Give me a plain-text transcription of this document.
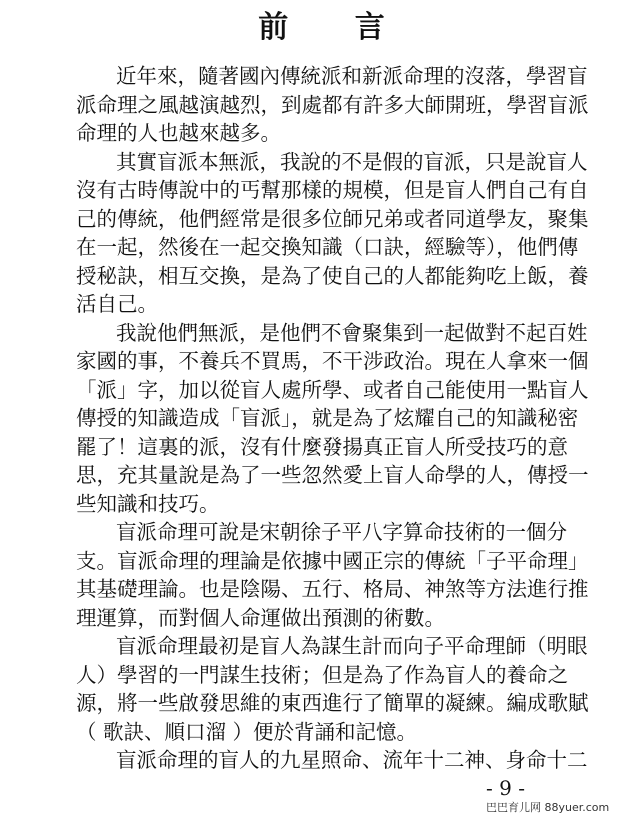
前 言
近年來，隨著國內傳統派和新派命理的沒落，學習盲
派命理之風越演越烈，到處都有許多大師開班，學習盲派
命理的人也越來越多。
其實盲派本無派，我說的不是假的盲派，只是說盲人
沒有古時傳說中的丐幫那樣的規模，但是盲人們自己有自
己的傳統，他們經常是很多位師兄弟或者同道學友，聚集
在一起，然後在一起交換知識（口訣，經驗等），他們傳
授秘訣，相互交換，是為了使自己的人都能夠吃上飯，養
活自己。
我說他們無派，是他們不會聚集到一起做對不起百姓
家國的事，不養兵不買馬，不干涉政治。現在人拿來一個
「派」字，加以從盲人處所學、或者自己能使用一點盲人
傳授的知識造成「盲派」，就是為了炫耀自己的知識秘密
罷了！這裏的派，沒有什麼發揚真正盲人所受技巧的意
思，充其量說是為了一些忽然愛上盲人命學的人，傳授一
些知識和技巧。
盲派命理可說是宋朝徐子平八字算命技術的一個分
支。盲派命理的理論是依據中國正宗的傳統「子平命理」
其基礎理論。也是陰陽、五行、格局、神煞等方法進行推
理運算，而對個人命運做出預測的術數。
盲派命理最初是盲人為謀生計而向子平命理師（明眼
人）學習的一門謀生技術；但是為了作為盲人的養命之
源，將一些啟發思維的東西進行了簡單的凝練。編成歌賦
（ 歌訣、順口溜 ）便於背誦和記憶。
盲派命理的盲人的九星照命、流年十二神、身命十二
- 9 -
巴巴育儿网 88yuer.com
